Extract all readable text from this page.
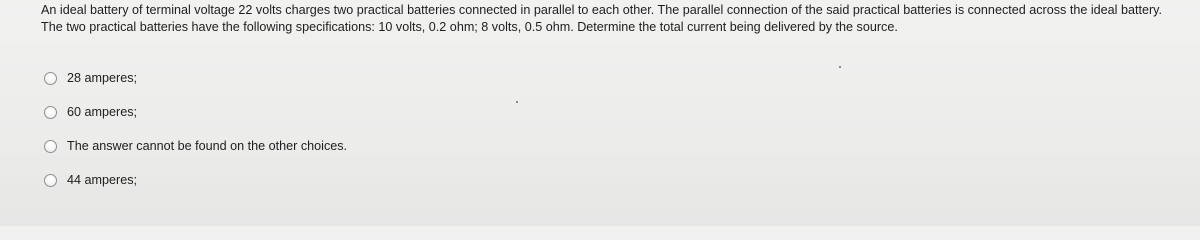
An ideal battery of terminal voltage 22 volts charges two practical batteries connected in parallel to each other. The parallel connection of the said practical batteries is connected across the ideal battery. The two practical batteries have the following specifications: 10 volts, 0.2 ohm; 8 volts, 0.5 ohm. Determine the total current being delivered by the source.

28 amperes;
60 amperes;
The answer cannot be found on the other choices.
44 amperes;
